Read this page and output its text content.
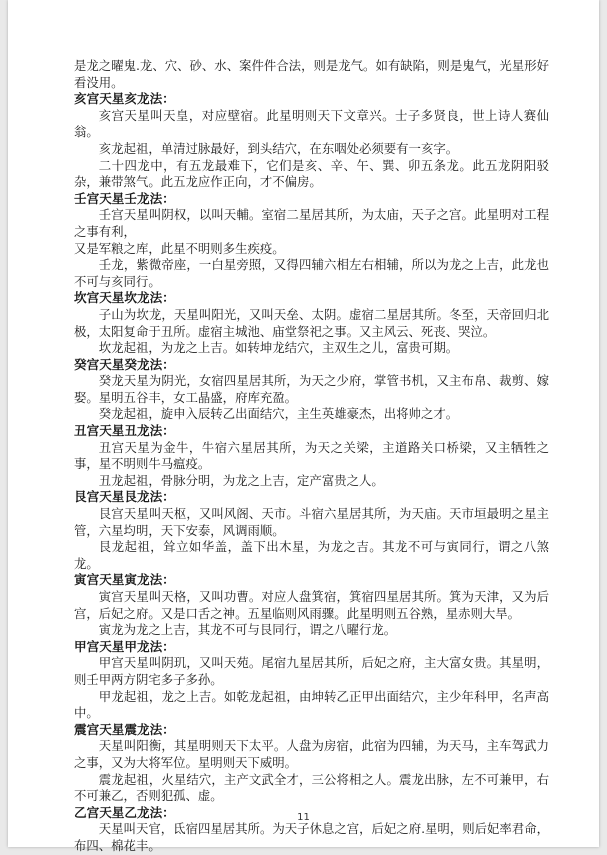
是龙之曜鬼.龙、穴、砂、水、案件件合法，则是龙气。如有缺陷，则是鬼气，光星形好看没用。

亥宫天星亥龙法：

亥宫天星叫天皇，对应壁宿。此星明则天下文章兴。士子多贤良，世上诗人赛仙翁。

亥龙起祖，单清过脉最好，到头结穴，在东咽处必须要有一亥字。

二十四龙中，有五龙最难下，它们是亥、辛、午、巽、卯五条龙。此五龙阴阳驳杂，兼带煞气。此五龙应作正向，才不偏房。

壬宫天星壬龙法：

壬宫天星叫阴权，以叫天輔。室宿二星居其所，为太庙，天子之宫。此星明对工程之事有利，

又是军粮之库，此星不明则多生疾疫。

壬龙，紫微帝座，一白星旁照，又得四辅六相左右相辅，所以为龙之上吉，此龙也不可与亥同行。

坎宫天星坎龙法：

子山为坎龙，天星叫阳光，又叫天垒、太阴。虚宿二星居其所。冬至，天帝回归北极，太阳复命于丑所。虚宿主城池、庙堂祭祀之事。又主风云、死丧、哭泣。

坎龙起祖，为龙之上吉。如转坤龙结穴，主双生之儿，富贵可期。

癸宫天星癸龙法：

癸龙天星为阴光，女宿四星居其所，为天之少府，掌管书机，又主布帛、裁剪、嫁娶。星明五谷丰，女工晶盛，府库充盈。

癸龙起祖，旋申入辰转乙出面结穴，主生英雄豪杰，出将帅之才。

丑宫天星丑龙法：

丑宫天星为金牛，牛宿六星居其所，为天之关梁，主道路关口桥梁，又主牺牲之事，星不明则牛马瘟疫。

丑龙起祖，骨脉分明，为龙之上吉，定产富贵之人。

艮宫天星艮龙法：

艮宫天星叫天枢，又叫风阁、天市。斗宿六星居其所，为天庙。天市垣最明之星主管，六星均明，天下安泰，风调雨顺。

艮龙起祖，耸立如华盖，盖下出木星，为龙之吉。其龙不可与寅同行，谓之八煞龙。

寅宫天星寅龙法：

寅宫天星叫天格，又叫功曹。对应人盘箕宿，箕宿四星居其所。箕为天津，又为后宫，后妃之府。又是口舌之神。五星临则风雨骤。此星明则五谷熟，星赤则大旱。

寅龙为龙之上吉，其龙不可与艮同行，谓之八曜行龙。

甲宫天星甲龙法：

甲宫天星叫阴玑，又叫天苑。尾宿九星居其所，后妃之府，主大富女贵。其星明，则壬甲两方阴宅多子多孙。

甲龙起祖，龙之上吉。如乾龙起祖，由坤转乙正甲出面结穴，主少年科甲，名声高中。

震宫天星震龙法：

天星叫阳衡，其星明则天下太平。人盘为房宿，此宿为四辅，为天马，主车驾武力之事，又为大将军位。星明则天下威明。

震龙起祖，火星结穴，主产文武全才，三公将相之人。震龙出脉，左不可兼甲，右不可兼乙，否则犯孤、虚。

乙宫天星乙龙法：

天星叫天官，氐宿四星居其所。为天子休息之宫，后妃之府.星明，则后妃率君命，布四、棉花丰。

11
